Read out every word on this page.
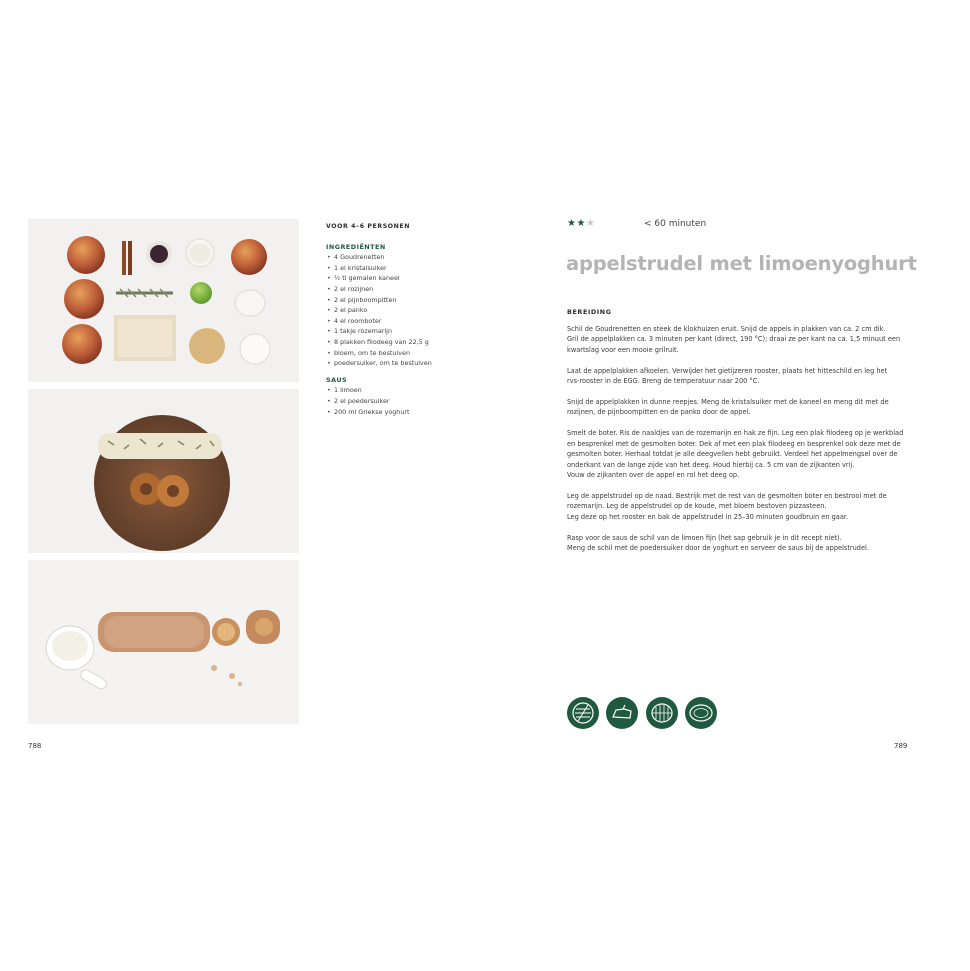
VOOR 4–6 PERSONEN
INGREDIËNTEN
• 4 Goudrenetten
• 1 el kristalsuiker
• ½ tl gemalen kaneel
• 2 el rozijnen
• 2 el pijnboompitten
• 2 el panko
• 4 el roomboter
• 1 takje rozemarijn
• 8 plakken filodeeg van 22,5 g
• bloem, om te bestuiven
• poedersuiker, om te bestuiven
SAUS
• 1 limoen
• 2 el poedersuiker
• 200 ml Griekse yoghurt
788
★★★	< 60 minuten
appelstrudel met limoenyoghurt
BEREIDING

Schil de Goudrenetten en steek de klokhuizen eruit. Snijd de appels in plakken van ca. 2 cm dik.
Gril de appelplakken ca. 3 minuten per kant (direct, 190 °C); draai ze per kant na ca. 1,5 minuut een
kwartslag voor een mooie grilruit.

Laat de appelplakken afkoelen. Verwijder het gietijzeren rooster, plaats het hitteschild en leg het
rvs-rooster in de EGG. Breng de temperatuur naar 200 °C.

Snijd de appelplakken in dunne reepjes. Meng de kristalsuiker met de kaneel en meng dit met de
rozijnen, de pijnboompitten en de panko door de appel.

Smelt de boter. Ris de naaldjes van de rozemarijn en hak ze fijn. Leg een plak filodeeg op je werkblad
en besprenkel met de gesmolten boter. Dek af met een plak filodeeg en besprenkel ook deze met de
gesmolten boter. Herhaal totdat je alle deegvellen hebt gebruikt. Verdeel het appelmengsel over de
onderkant van de lange zijde van het deeg. Houd hierbij ca. 5 cm van de zijkanten vrij.
Vouw de zijkanten over de appel en rol het deeg op.

Leg de appelstrudel op de naad. Bestrijk met de rest van de gesmolten boter en bestrooi met de
rozemarijn. Leg de appelstrudel op de koude, met bloem bestoven pizzasteen.
Leg deze op het rooster en bak de appelstrudel in 25–30 minuten goudbruin en gaar.

Rasp voor de saus de schil van de limoen fijn (het sap gebruik je in dit recept niet).
Meng de schil met de poedersuiker door de yoghurt en serveer de saus bij de appelstrudel.

789
